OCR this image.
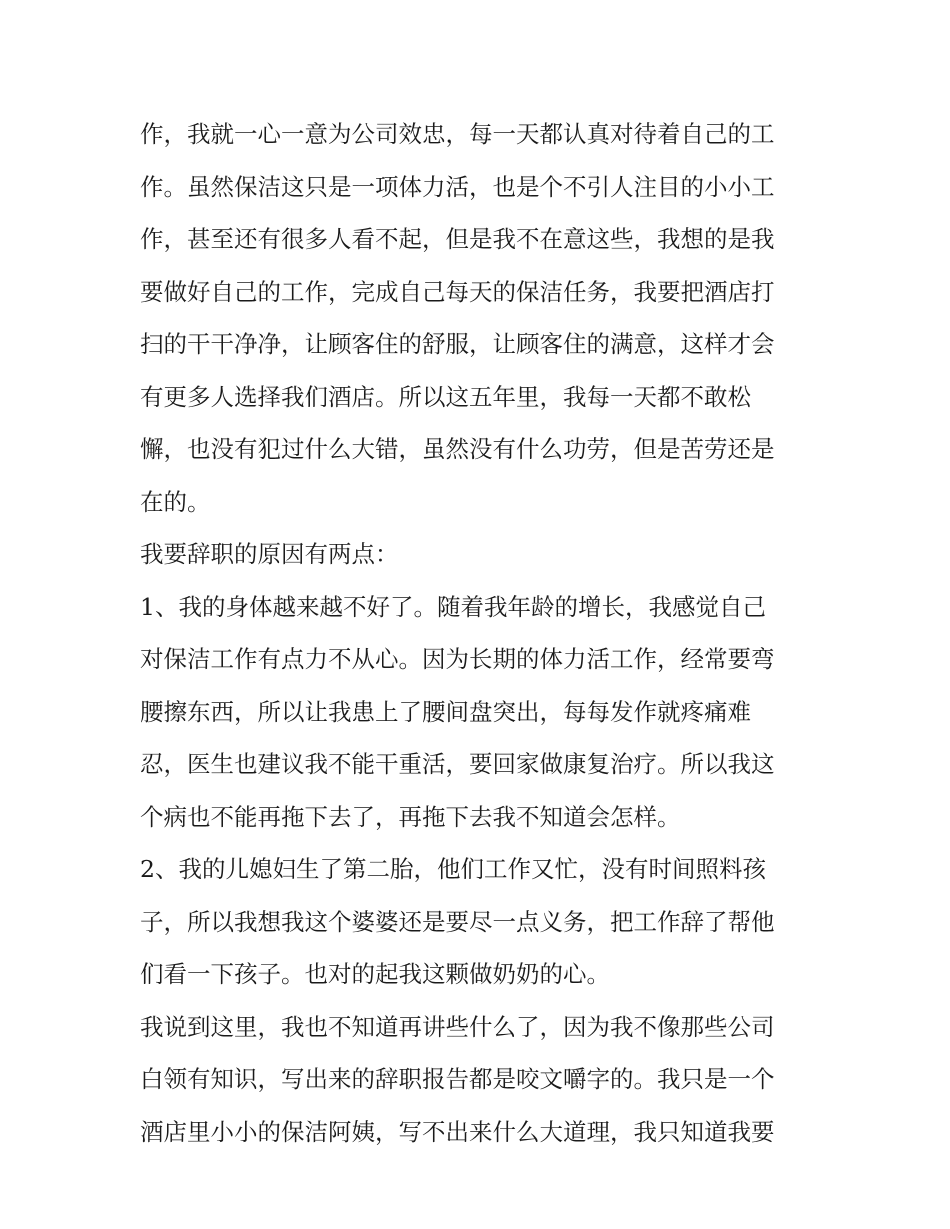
作，我就一心一意为公司效忠，每一天都认真对待着自己的工

作。虽然保洁这只是一项体力活，也是个不引人注目的小小工

作，甚至还有很多人看不起，但是我不在意这些，我想的是我

要做好自己的工作，完成自己每天的保洁任务，我要把酒店打

扫的干干净净，让顾客住的舒服，让顾客住的满意，这样才会

有更多人选择我们酒店。所以这五年里，我每一天都不敢松

懈，也没有犯过什么大错，虽然没有什么功劳，但是苦劳还是

在的。

我要辞职的原因有两点：

1、我的身体越来越不好了。随着我年龄的增长，我感觉自己

对保洁工作有点力不从心。因为长期的体力活工作，经常要弯

腰擦东西，所以让我患上了腰间盘突出，每每发作就疼痛难

忍，医生也建议我不能干重活，要回家做康复治疗。所以我这

个病也不能再拖下去了，再拖下去我不知道会怎样。

2、我的儿媳妇生了第二胎，他们工作又忙，没有时间照料孩

子，所以我想我这个婆婆还是要尽一点义务，把工作辞了帮他

们看一下孩子。也对的起我这颗做奶奶的心。

我说到这里，我也不知道再讲些什么了，因为我不像那些公司

白领有知识，写出来的辞职报告都是咬文嚼字的。我只是一个

酒店里小小的保洁阿姨，写不出来什么大道理，我只知道我要
